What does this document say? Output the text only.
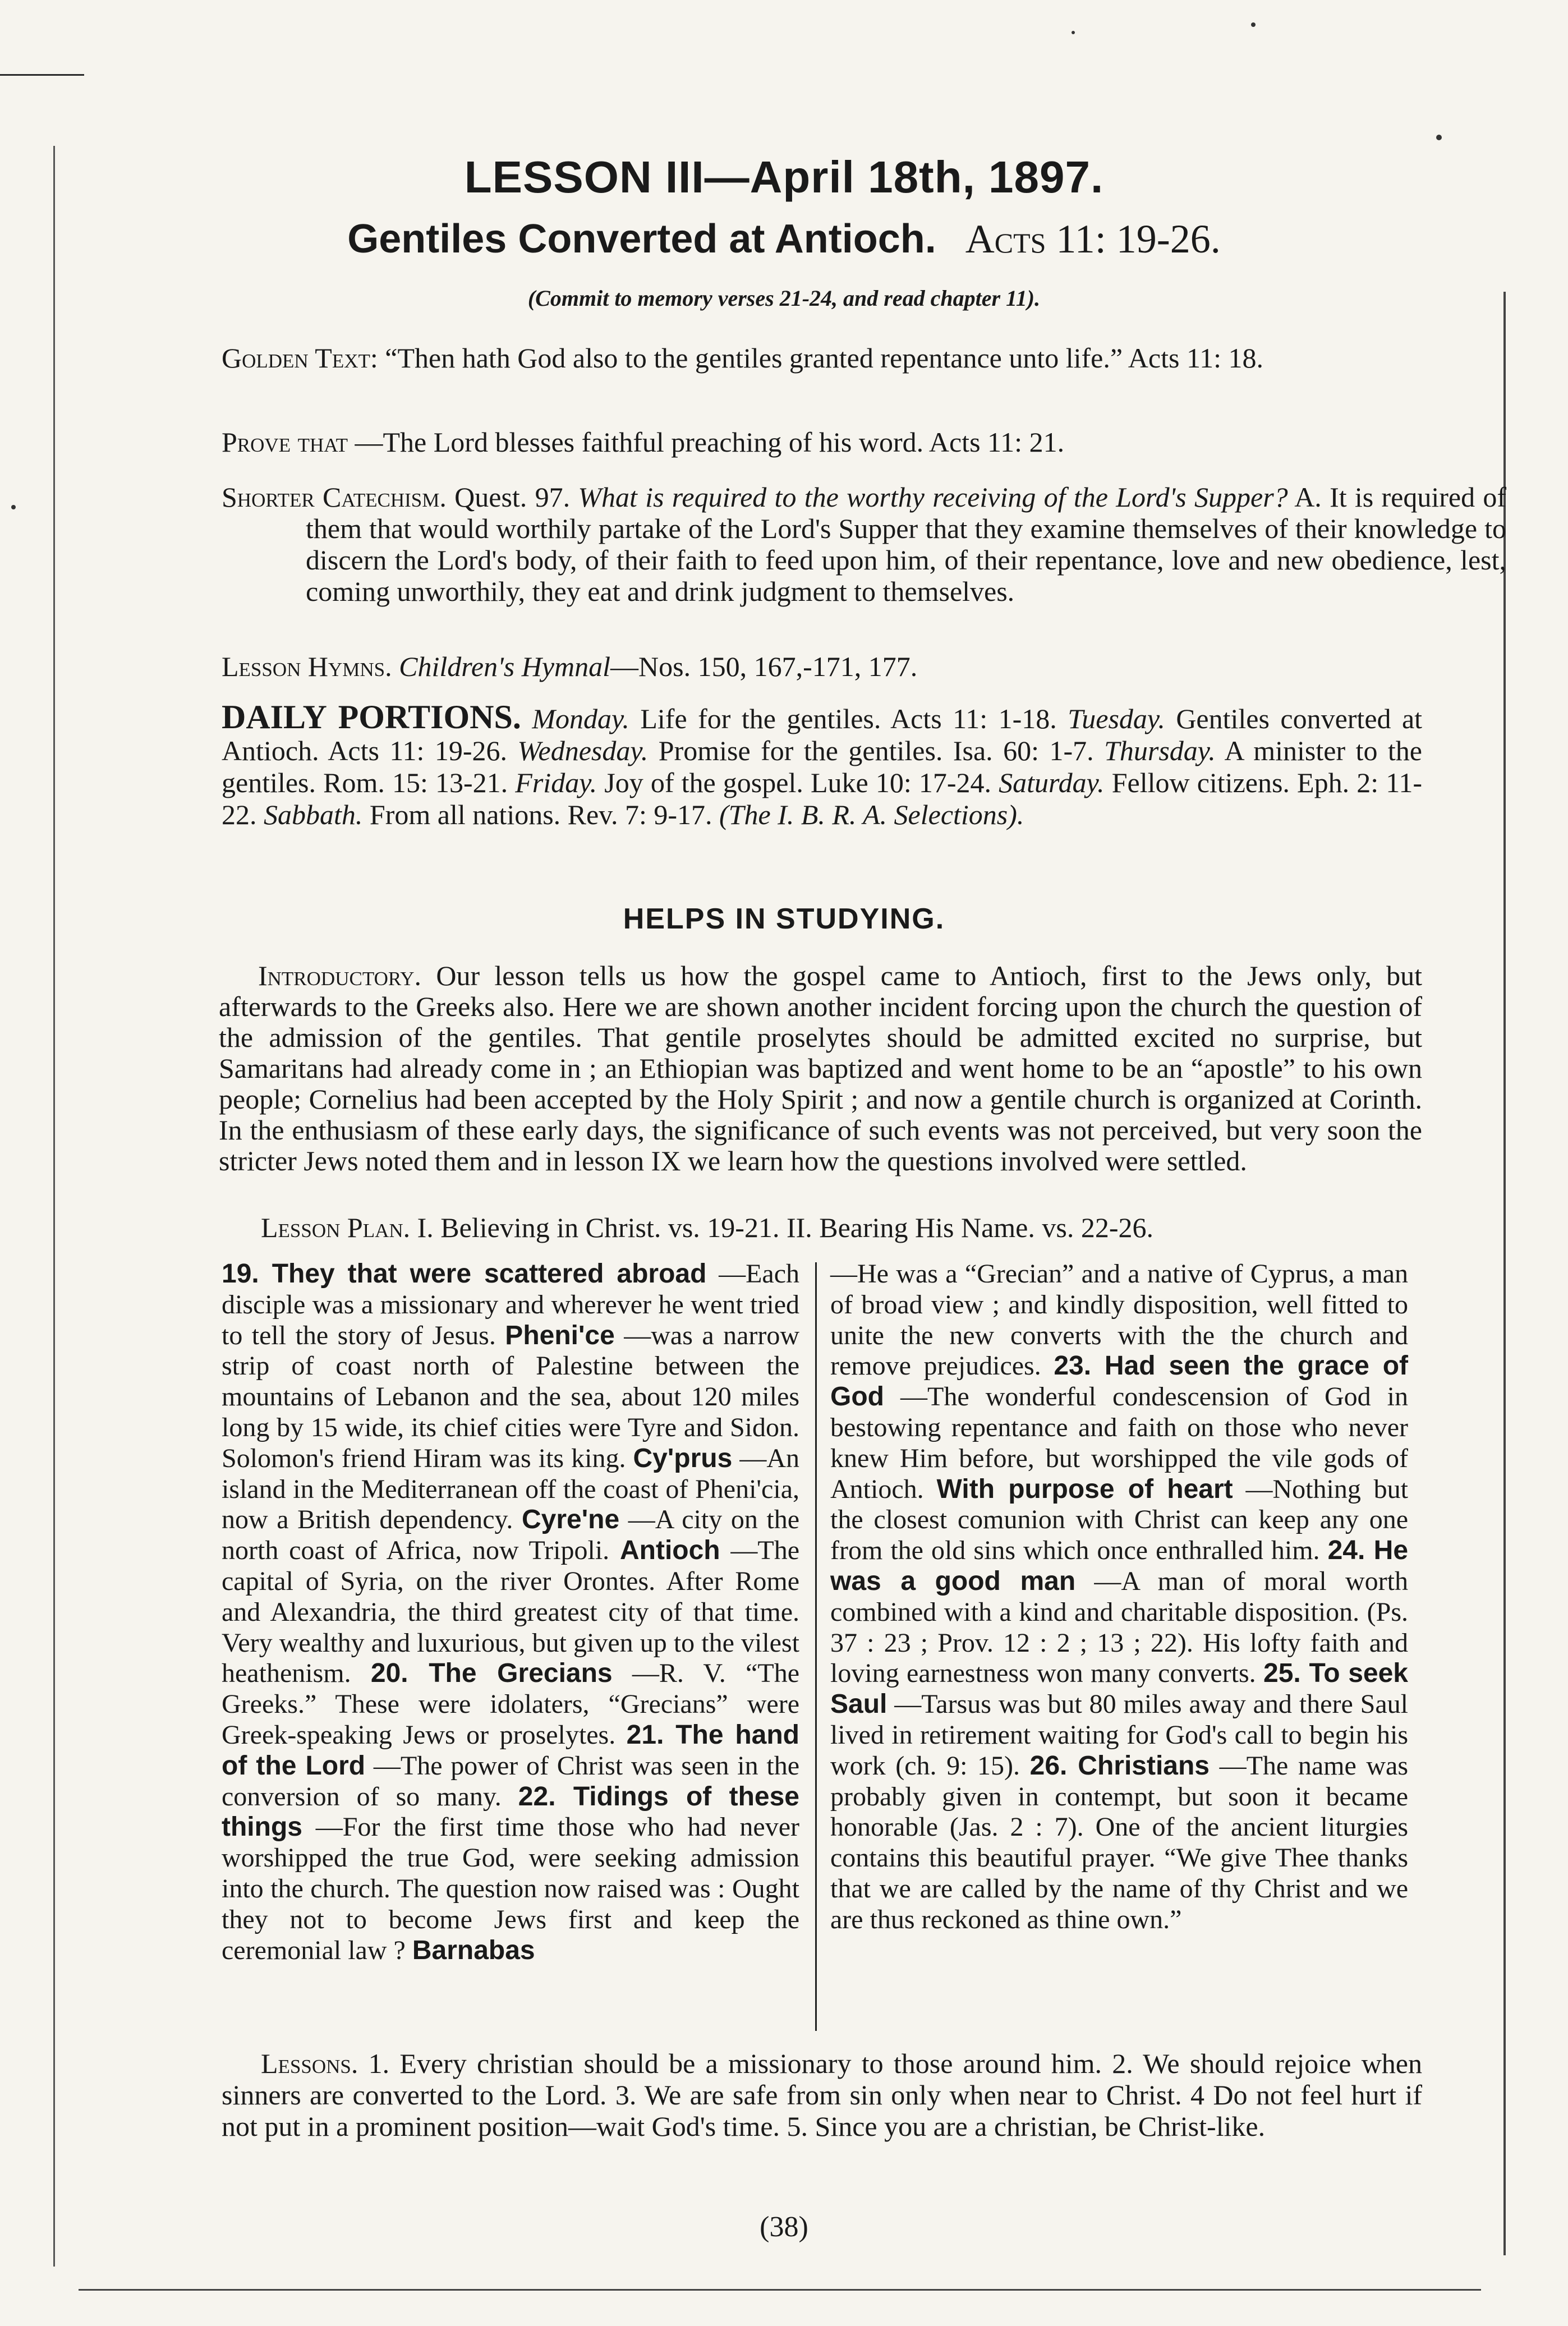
LESSON III—April 18th, 1897.
Gentiles Converted at Antioch. Acts 11: 19-26.
(Commit to memory verses 21-24, and read chapter 11).
Golden Text: “Then hath God also to the gentiles granted repentance unto life.” Acts 11: 18.
Prove that —The Lord blesses faithful preaching of his word. Acts 11: 21.
Shorter Catechism. Quest. 97. What is required to the worthy receiving of the Lord's Supper? A. It is required of them that would worthily partake of the Lord's Supper that they examine themselves of their knowledge to discern the Lord's body, of their faith to feed upon him, of their repentance, love and new obedience, lest, coming unworthily, they eat and drink judgment to themselves.
Lesson Hymns. Children's Hymnal—Nos. 150, 167,-171, 177.
DAILY PORTIONS. Monday. Life for the gentiles. Acts 11: 1-18. Tuesday. Gentiles converted at Antioch. Acts 11: 19-26. Wednesday. Promise for the gentiles. Isa. 60: 1-7. Thursday. A minister to the gentiles. Rom. 15: 13-21. Friday. Joy of the gospel. Luke 10: 17-24. Saturday. Fellow citizens. Eph. 2: 11-22. Sabbath. From all nations. Rev. 7: 9-17. (The I. B. R. A. Selections).
HELPS IN STUDYING.
Introductory. Our lesson tells us how the gospel came to Antioch, first to the Jews only, but afterwards to the Greeks also. Here we are shown another incident forcing upon the church the question of the admission of the gentiles. That gentile proselytes should be admitted excited no surprise, but Samaritans had already come in ; an Ethiopian was baptized and went home to be an “apostle” to his own people; Cornelius had been accepted by the Holy Spirit ; and now a gentile church is organized at Corinth. In the enthusiasm of these early days, the significance of such events was not perceived, but very soon the stricter Jews noted them and in lesson IX we learn how the questions involved were settled.
Lesson Plan. I. Believing in Christ. vs. 19-21. II. Bearing His Name. vs. 22-26.
19. They that were scattered abroad —Each disciple was a missionary and wherever he went tried to tell the story of Jesus. Pheni'ce —was a narrow strip of coast north of Palestine between the mountains of Lebanon and the sea, about 120 miles long by 15 wide, its chief cities were Tyre and Sidon. Solomon's friend Hiram was its king. Cy'prus —An island in the Mediterranean off the coast of Pheni'cia, now a British dependency. Cyre'ne —A city on the north coast of Africa, now Tripoli. Antioch —The capital of Syria, on the river Orontes. After Rome and Alexandria, the third greatest city of that time. Very wealthy and luxurious, but given up to the vilest heathenism. 20. The Grecians —R. V. “The Greeks.” These were idolaters, “Grecians” were Greek-speaking Jews or proselytes. 21. The hand of the Lord —The power of Christ was seen in the conversion of so many. 22. Tidings of these things —For the first time those who had never worshipped the true God, were seeking admission into the church. The question now raised was : Ought they not to become Jews first and keep the ceremonial law ? Barnabas
—He was a “Grecian” and a native of Cyprus, a man of broad view ; and kindly disposition, well fitted to unite the new converts with the the church and remove prejudices. 23. Had seen the grace of God —The wonderful condescension of God in bestowing repentance and faith on those who never knew Him before, but worshipped the vile gods of Antioch. With purpose of heart —Nothing but the closest comunion with Christ can keep any one from the old sins which once enthralled him. 24. He was a good man —A man of moral worth combined with a kind and charitable disposition. (Ps. 37 : 23 ; Prov. 12 : 2 ; 13 ; 22). His lofty faith and loving earnestness won many converts. 25. To seek Saul —Tarsus was but 80 miles away and there Saul lived in retirement waiting for God's call to begin his work (ch. 9: 15). 26. Christians —The name was probably given in contempt, but soon it became honorable (Jas. 2 : 7). One of the ancient liturgies contains this beautiful prayer. “We give Thee thanks that we are called by the name of thy Christ and we are thus reckoned as thine own.”
Lessons. 1. Every christian should be a missionary to those around him. 2. We should rejoice when sinners are converted to the Lord. 3. We are safe from sin only when near to Christ. 4 Do not feel hurt if not put in a prominent position—wait God's time. 5. Since you are a christian, be Christ-like.
(38)
